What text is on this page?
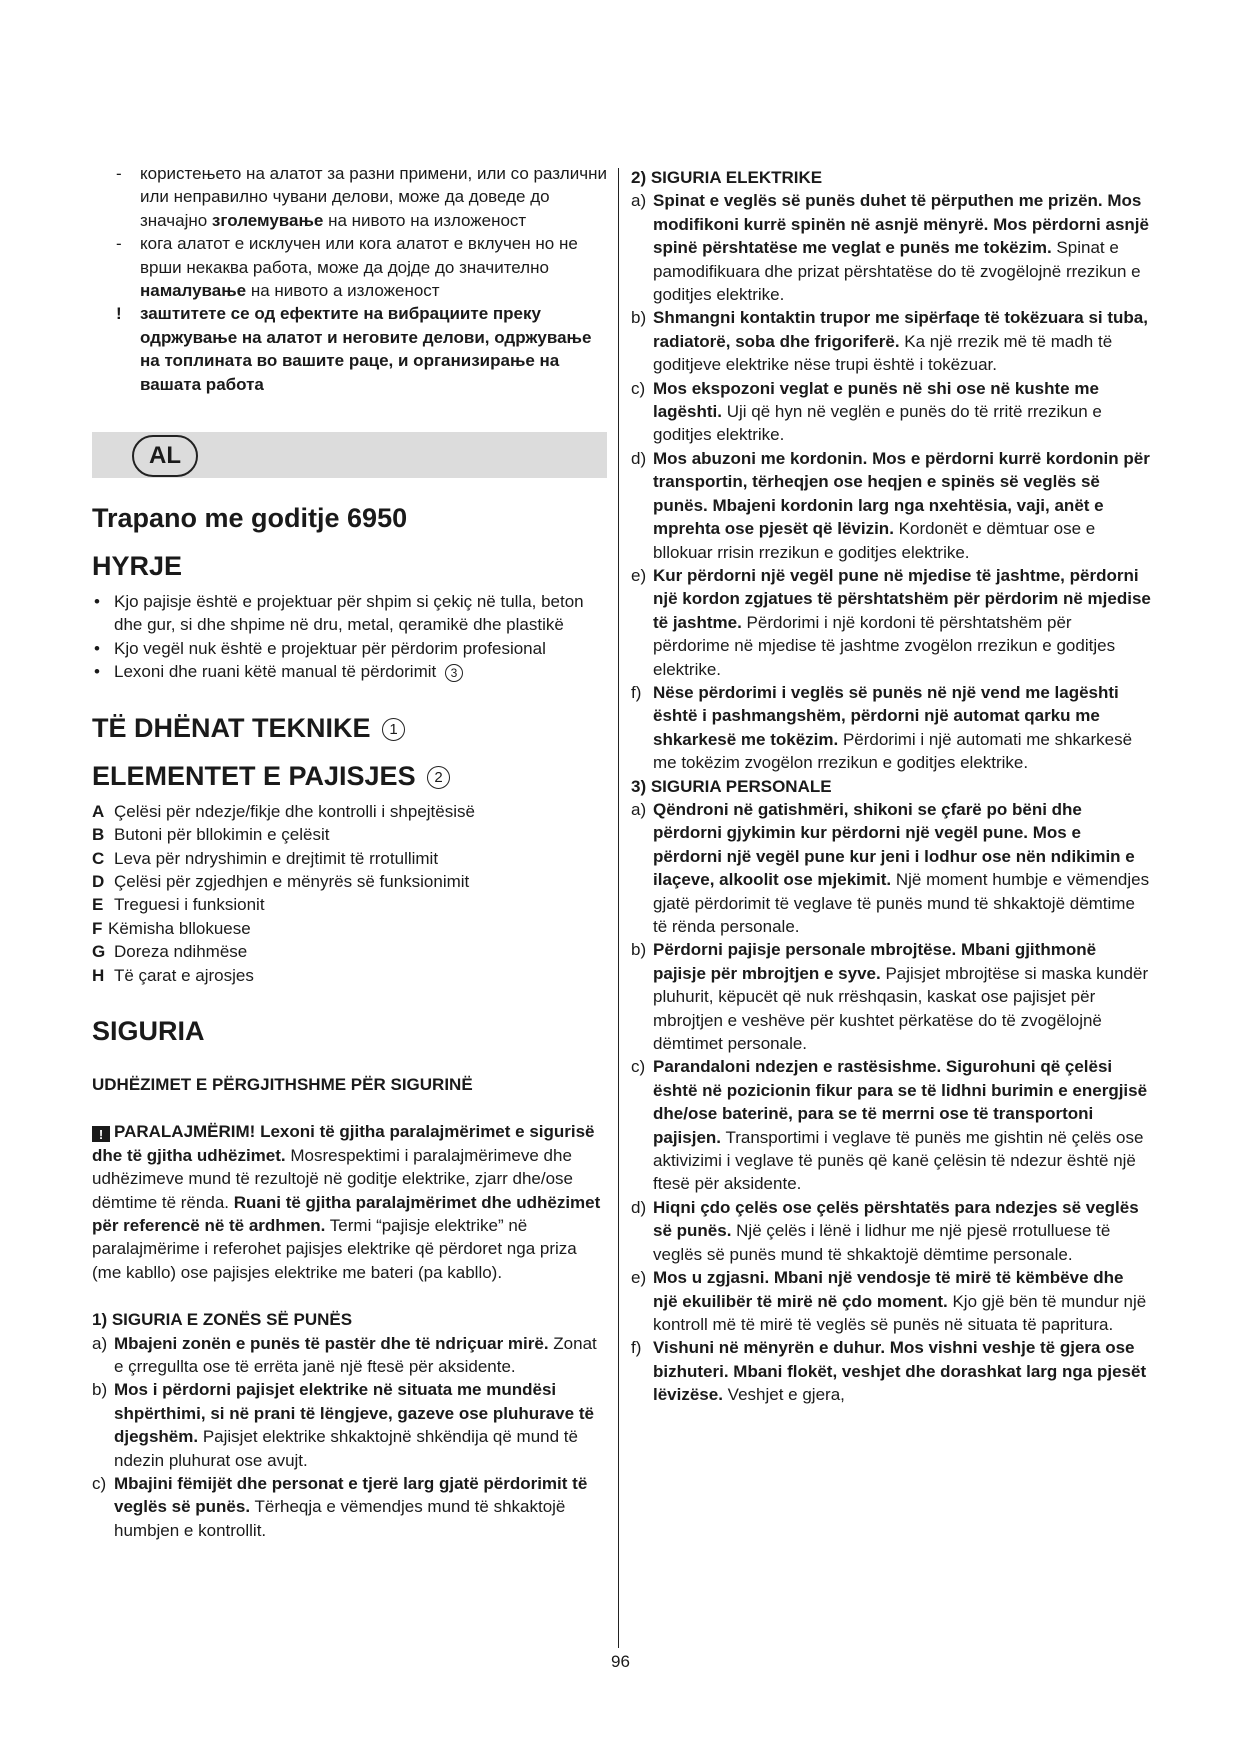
- користењето на алатот за разни примени, или со различни или неправилно чувани делови, може да доведе до значајно зголемување на нивото на изложеност
- кога алатот е исклучен или кога алатот е вклучен но не врши некаква работа, може да дојде до значително намалување на нивото а изложеност
! заштитете се од ефектите на вибрациите преку одржување на алатот и неговите делови, одржување на топлината во вашите раце, и организирање на вашата работа
AL
Trapano me goditje 6950
HYRJE
• Kjo pajisje është e projektuar për shpim si çekiç në tulla, beton dhe gur, si dhe shpime në dru, metal, qeramikë dhe plastikë
• Kjo vegël nuk është e projektuar për përdorim profesional
• Lexoni dhe ruani këtë manual të përdorimit 3
TË DHËNAT TEKNIKE 1
ELEMENTET E PAJISJES 2
A Çelësi për ndezje/fikje dhe kontrolli i shpejtësisë
B Butoni për bllokimin e çelësit
C Leva për ndryshimin e drejtimit të rrotullimit
D Çelësi për zgjedhjen e mënyrës së funksionimit
E Treguesi i funksionit
F Këmisha bllokuese
G Doreza ndihmëse
H Të çarat e ajrosjes
SIGURIA
UDHËZIMET E PËRGJITHSHME PËR SIGURINË
! PARALAJMËRIM! Lexoni të gjitha paralajmërimet e sigurisë dhe të gjitha udhëzimet. Mosrespektimi i paralajmërimeve dhe udhëzimeve mund të rezultojë në goditje elektrike, zjarr dhe/ose dëmtime të rënda. Ruani të gjitha paralajmërimet dhe udhëzimet për referencë në të ardhmen. Termi “pajisje elektrike” në paralajmërime i referohet pajisjes elektrike që përdoret nga priza (me kabllo) ose pajisjes elektrike me bateri (pa kabllo).
1) SIGURIA E ZONËS SË PUNËS
a) Mbajeni zonën e punës të pastër dhe të ndriçuar mirë. Zonat e çrregullta ose të errëta janë një ftesë për aksidente.
b) Mos i përdorni pajisjet elektrike në situata me mundësi shpërthimi, si në prani të lëngjeve, gazeve ose pluhurave të djegshëm. Pajisjet elektrike shkaktojnë shkëndija që mund të ndezin pluhurat ose avujt.
c) Mbajini fëmijët dhe personat e tjerë larg gjatë përdorimit të veglës së punës. Tërheqja e vëmendjes mund të shkaktojë humbjen e kontrollit.
2) SIGURIA ELEKTRIKE
a) Spinat e veglës së punës duhet të përputhen me prizën. Mos modifikoni kurrë spinën në asnjë mënyrë. Mos përdorni asnjë spinë përshtatëse me veglat e punës me tokëzim. Spinat e pamodifikuara dhe prizat përshtatëse do të zvogëlojnë rrezikun e goditjes elektrike.
b) Shmangni kontaktin trupor me sipërfaqe të tokëzuara si tuba, radiatorë, soba dhe frigoriferë. Ka një rrezik më të madh të goditjeve elektrike nëse trupi është i tokëzuar.
c) Mos ekspozoni veglat e punës në shi ose në kushte me lagështi. Uji që hyn në veglën e punës do të rritë rrezikun e goditjes elektrike.
d) Mos abuzoni me kordonin. Mos e përdorni kurrë kordonin për transportin, tërheqjen ose heqjen e spinës së veglës së punës. Mbajeni kordonin larg nga nxehtësia, vaji, anët e mprehta ose pjesët që lëvizin. Kordonët e dëmtuar ose e bllokuar rrisin rrezikun e goditjes elektrike.
e) Kur përdorni një vegël pune në mjedise të jashtme, përdorni një kordon zgjatues të përshtatshëm për përdorim në mjedise të jashtme. Përdorimi i një kordoni të përshtatshëm për përdorime në mjedise të jashtme zvogëlon rrezikun e goditjes elektrike.
f) Nëse përdorimi i veglës së punës në një vend me lagështi është i pashmangshëm, përdorni një automat qarku me shkarkesë me tokëzim. Përdorimi i një automati me shkarkesë me tokëzim zvogëlon rrezikun e goditjes elektrike.
3) SIGURIA PERSONALE
a) Qëndroni në gatishmëri, shikoni se çfarë po bëni dhe përdorni gjykimin kur përdorni një vegël pune. Mos e përdorni një vegël pune kur jeni i lodhur ose nën ndikimin e ilaçeve, alkoolit ose mjekimit. Një moment humbje e vëmendjes gjatë përdorimit të veglave të punës mund të shkaktojë dëmtime të rënda personale.
b) Përdorni pajisje personale mbrojtëse. Mbani gjithmonë pajisje për mbrojtjen e syve. Pajisjet mbrojtëse si maska kundër pluhurit, këpucët që nuk rrëshqasin, kaskat ose pajisjet për mbrojtjen e veshëve për kushtet përkatëse do të zvogëlojnë dëmtimet personale.
c) Parandaloni ndezjen e rastësishme. Sigurohuni që çelësi është në pozicionin fikur para se të lidhni burimin e energjisë dhe/ose baterinë, para se të merrni ose të transportoni pajisjen. Transportimi i veglave të punës me gishtin në çelës ose aktivizimi i veglave të punës që kanë çelësin të ndezur është një ftesë për aksidente.
d) Hiqni çdo çelës ose çelës përshtatës para ndezjes së veglës së punës. Një çelës i lënë i lidhur me një pjesë rrotulluese të veglës së punës mund të shkaktojë dëmtime personale.
e) Mos u zgjasni. Mbani një vendosje të mirë të këmbëve dhe një ekuilibër të mirë në çdo moment. Kjo gjë bën të mundur një kontroll më të mirë të veglës së punës në situata të papritura.
f) Vishuni në mënyrën e duhur. Mos vishni veshje të gjera ose bizhuteri. Mbani flokët, veshjet dhe dorashkat larg nga pjesët lëvizëse. Veshjet e gjera,
96
